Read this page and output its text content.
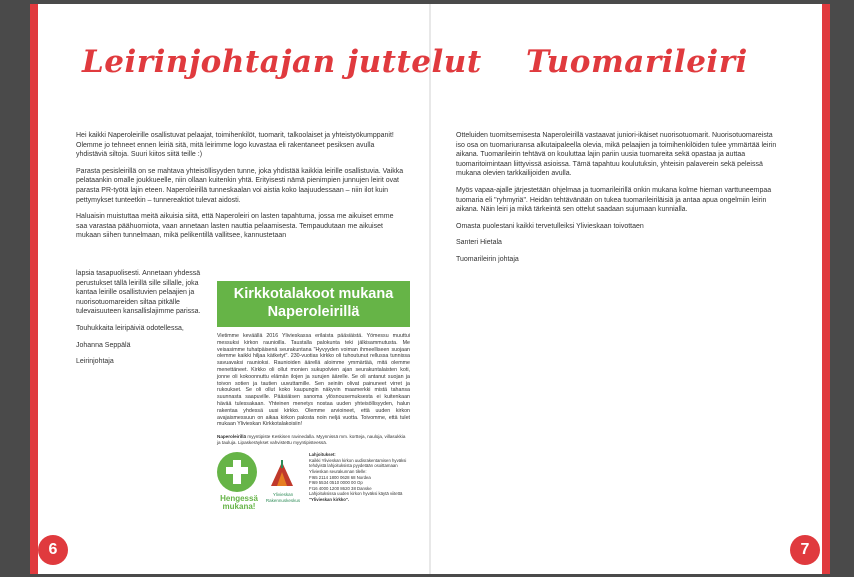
Leirinjohtajan juttelut

Hei kaikki Naperoleirille osallistuvat pelaajat, toimihenkilöt, tuomarit, talkoolaiset ja yhteistyökumppanit! Olemme jo tehneet ennen leiriä sitä, mitä leirimme logo kuvastaa eli rakentaneet pesiksen avulla yhdistäviä siltoja. Suuri kiitos siitä teille :)

Parasta pesisleirillä on se mahtava yhteisöllisyyden tunne, joka yhdistää kaikkia leirille osallistuvia. Vaikka pelataankin omalle joukkueelle, niin ollaan kuitenkin yhtä. Erityisesti nämä pienimpien junnujen leirit ovat parasta PR-työtä lajin eteen. Naperoleirillä tunneskaalan voi aistia koko laajuudessaan – niin ilot kuin pettymykset tunteetkin – tunnereaktiot tulevat aidosti.

Haluaisin muistuttaa meitä aikuisia siitä, että Naperoleiri on lasten tapahtuma, jossa me aikuiset emme saa varastaa päähuomiota, vaan annetaan lasten nauttia pelaamisesta. Tempaudutaan me aikuiset mukaan siihen tunnelmaan, mikä pelikentillä vallitsee, kannustetaan

lapsia tasapuolisesti. Annetaan yhdessä perustukset tällä leirillä sille sillalle, joka kantaa leirille osallistuvien pelaajien ja nuorisotuomareiden siltaa pitkälle tulevaisuuteen kansallislajimme parissa.

Touhukkaita leiripäiviä odotellessa,

Johanna Seppälä

Leirinjohtaja

Kirkkotalakoot mukana Naperoleirillä
Vietimme keväällä 2016 Ylivieskassa erilaista pääsiäistä. Yömessu muuttui messuksi kirkon raunioilla. Taustalla palokunta teki jälkisammutusta. Me veisasimme tuhatpäisenä seurakuntana "Hyvyyden voiman ihmeelliseen suojaan olemme kaikki hiljaa kätketyt". 230-vuotias kirkko oli tuhoutunut rellussa tunnissa savuavaksi raunioksi. Raunioiden äärellä aloimme ymmärtää, mitä olemme menettäneet. Kirkko oli ollut monien sukupolvien ajan seurakuntalaisten koti, jonne oli kokoonnuttu elämän ilojen ja surujen äärelle. Se oli antanut suojan ja toivon sotien ja tautien uuvuttamille. Sen seiniin olivat painuneet virret ja rukoukset. Se oli ollut koko kaupungin näkyvin maamerkki mistä tahansa suunnasta saapuville. Pääsiäisen sanoma ylösnousemuksesta ei kuitenkaan hävää tulessakaan. Yhteinen menetys nostaa uuden yhteisöllisyyden, halun rakentaa yhdessä uusi kirkko. Olemme arvioineet, että uuden kirkon avajaismessuun on aikaa kirkon palosta noin neljä vuotta. Toivomme, että tulet mukaan Ylivieskan Kirkkotalakoisiin!
Naperoleirillä myyntipiste Keskisen ravinedalla. Myynnissä mm. kortteja, nauloja, villasukkia ja tauluja. Lipaskeräykset vahvistettu myyntipisteessä.
Hengessä mukana!
Ylivieskan Rakennuskeskus
Lahjoitukset:
Kaikki Ylivieskan kirkon uudisrakentamisen hyväksi tehdyistä lahjoituksista pyydetään osoittamaan Ylivieskan seurakunnan tilelle:
FI65 2114 1800 0628 68 Nordea
FI69 5534 0510 0000 00 Op
FI16 4000 1200 8620 38 Danske
Lahjoituksissa uuden kirkon hyväksi käytä viitettä "Ylivieskan kirkko".
6
Tuomarileiri

Otteluiden tuomitsemisesta Naperoleirillä vastaavat juniori-ikäiset nuorisotuomarit. Nuorisotuomareista iso osa on tuomariuransa alkutaipaleella olevia, mikä pelaajien ja toimihenkilöiden tulee ymmärtää leirin aikana. Tuomarileirin tehtävä on kouluttaa lajin pariin uusia tuomareita sekä opastaa ja auttaa tuomaritoimintaan liittyvissä asioissa. Tämä tapahtuu koulutuksin, yhteisin palaverein sekä peleissä mukana olevien tarkkailijoiden avulla.

Myös vapaa-ajalle järjestetään ohjelmaa ja tuomarileirillä onkin mukana kolme hieman varttuneempaa tuomaria eli "ryhmyriä". Heidän tehtävänään on tukea tuomarileiriläisiä ja antaa apua ongelmiin leirin aikana. Näin leiri ja mikä tärkeintä sen ottelut saadaan sujumaan kunnialla.

Omasta puolestani kaikki tervetulleiksi Ylivieskaan toivottaen

Santeri Hietala

Tuomarileirin johtaja

7
